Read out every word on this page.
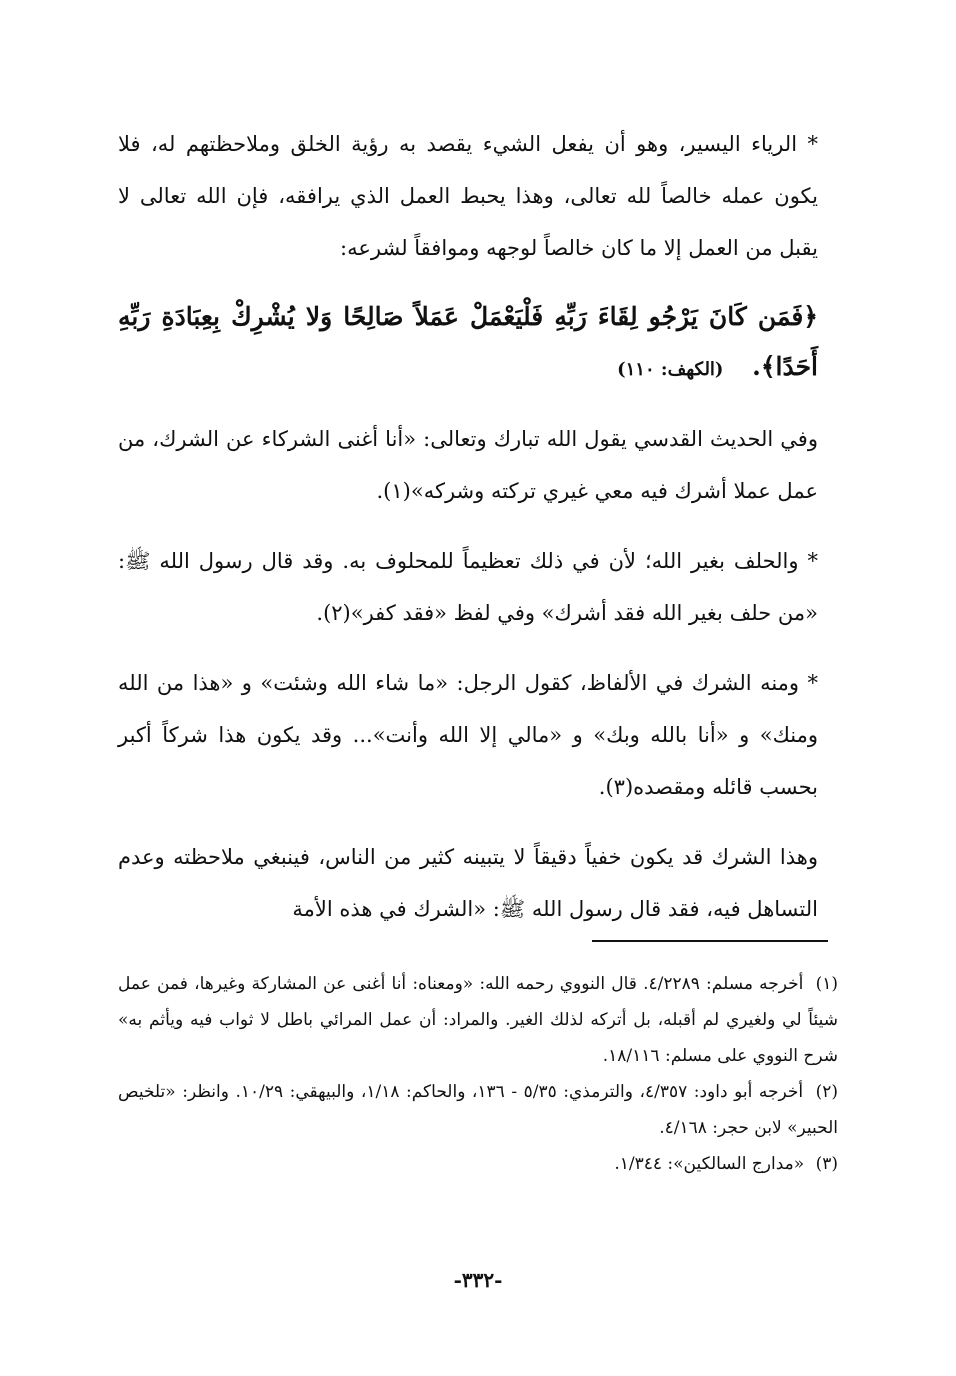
* الرياء اليسير، وهو أن يفعل الشيء يقصد به رؤية الخلق وملاحظتهم له، فلا يكون عمله خالصاً لله تعالى، وهذا يحبط العمل الذي يرافقه، فإن الله تعالى لا يقبل من العمل إلا ما كان خالصاً لوجهه وموافقاً لشرعه:

﴿فَمَن كَانَ يَرْجُو لِقَاءَ رَبِّهِ فَلْيَعْمَلْ عَمَلاً صَالِحًا وَلا يُشْرِكْ بِعِبَادَةِ رَبِّهِ أَحَدًا﴾. (الكهف: ١١٠)

وفي الحديث القدسي يقول الله تبارك وتعالى: «أنا أغنى الشركاء عن الشرك، من عمل عملا أشرك فيه معي غيري تركته وشركه»(١).

* والحلف بغير الله؛ لأن في ذلك تعظيماً للمحلوف به. وقد قال رسول الله ﷺ: «من حلف بغير الله فقد أشرك» وفي لفظ «فقد كفر»(٢).

* ومنه الشرك في الألفاظ، كقول الرجل: «ما شاء الله وشئت» و «هذا من الله ومنك» و «أنا بالله وبك» و «مالي إلا الله وأنت»... وقد يكون هذا شركاً أكبر بحسب قائله ومقصده(٣).

وهذا الشرك قد يكون خفياً دقيقاً لا يتبينه كثير من الناس، فينبغي ملاحظته وعدم التساهل فيه، فقد قال رسول الله ﷺ: «الشرك في هذه الأمة

(١) أخرجه مسلم: ٤/٢٢٨٩. قال النووي رحمه الله: «ومعناه: أنا أغنى عن المشاركة وغيرها، فمن عمل شيئاً لي ولغيري لم أقبله، بل أتركه لذلك الغير. والمراد: أن عمل المرائي باطل لا ثواب فيه ويأثم به» شرح النووي على مسلم: ١٨/١١٦.

(٢) أخرجه أبو داود: ٤/٣٥٧، والترمذي: ٥/٣٥ - ١٣٦، والحاكم: ١/١٨، والبيهقي: ١٠/٢٩. وانظر: «تلخيص الحبير» لابن حجر: ٤/١٦٨.

(٣) «مدارج السالكين»: ١/٣٤٤.

-٣٣٢-
